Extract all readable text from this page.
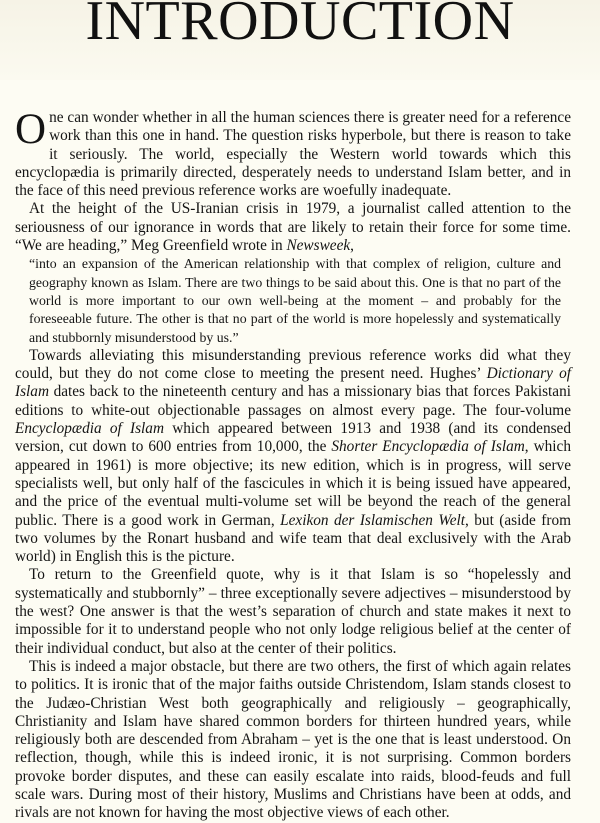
INTRODUCTION

One can wonder whether in all the human sciences there is greater need for a reference work than this one in hand. The question risks hyperbole, but there is reason to take it seriously. The world, especially the Western world towards which this encyclopædia is primarily directed, desperately needs to understand Islam better, and in the face of this need previous reference works are woefully inadequate.

At the height of the US-Iranian crisis in 1979, a journalist called attention to the seriousness of our ignorance in words that are likely to retain their force for some time. “We are heading,” Meg Greenfield wrote in Newsweek,

“into an expansion of the American relationship with that complex of religion, culture and geography known as Islam. There are two things to be said about this. One is that no part of the world is more important to our own well-being at the moment – and probably for the foreseeable future. The other is that no part of the world is more hopelessly and systematically and stubbornly misunderstood by us.”

Towards alleviating this misunderstanding previous reference works did what they could, but they do not come close to meeting the present need. Hughes’ Dictionary of Islam dates back to the nineteenth century and has a missionary bias that forces Pakistani editions to white-out objectionable passages on almost every page. The four-volume Encyclopædia of Islam which appeared between 1913 and 1938 (and its condensed version, cut down to 600 entries from 10,000, the Shorter Encyclopædia of Islam, which appeared in 1961) is more objective; its new edition, which is in progress, will serve specialists well, but only half of the fascicules in which it is being issued have appeared, and the price of the eventual multi-volume set will be beyond the reach of the general public. There is a good work in German, Lexikon der Islamischen Welt, but (aside from two volumes by the Ronart husband and wife team that deal exclusively with the Arab world) in English this is the picture.

To return to the Greenfield quote, why is it that Islam is so “hopelessly and systematically and stubbornly” – three exceptionally severe adjectives – misunderstood by the west? One answer is that the west’s separation of church and state makes it next to impossible for it to understand people who not only lodge religious belief at the center of their individual conduct, but also at the center of their politics.

This is indeed a major obstacle, but there are two others, the first of which again relates to politics. It is ironic that of the major faiths outside Christendom, Islam stands closest to the Judæo-Christian West both geographically and religiously – geographically, Christianity and Islam have shared common borders for thirteen hundred years, while religiously both are descended from Abraham – yet is the one that is least understood. On reflection, though, while this is indeed ironic, it is not surprising. Common borders provoke border disputes, and these can easily escalate into raids, blood-feuds and full scale wars. During most of their history, Muslims and Christians have been at odds, and rivals are not known for having the most objective views of each other.
